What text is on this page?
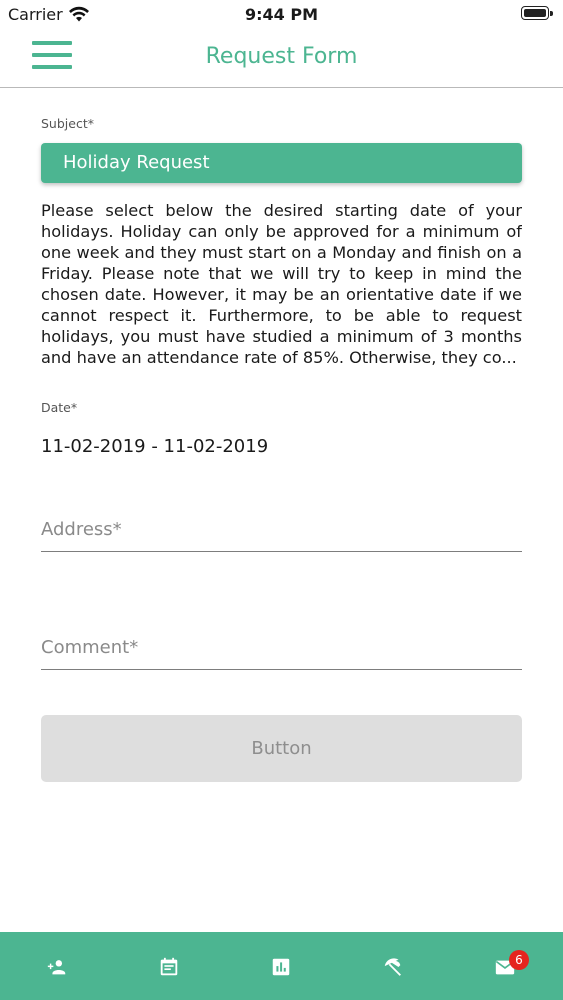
Carrier	9:44 PM
Request Form
Subject*
Holiday Request
Please select below the desired starting date of your holidays. Holiday can only be approved for a minimum of one week and they must start on a Monday and finish on a Friday. Please note that we will try to keep in mind the chosen date. However, it may be an orientative date if we cannot respect it. Furthermore, to be able to request holidays, you must have studied a minimum of 3 months and have an attendance rate of 85%. Otherwise, they co...
Date*
11-02-2019 - 11-02-2019
Address*
Comment*
Button
6
